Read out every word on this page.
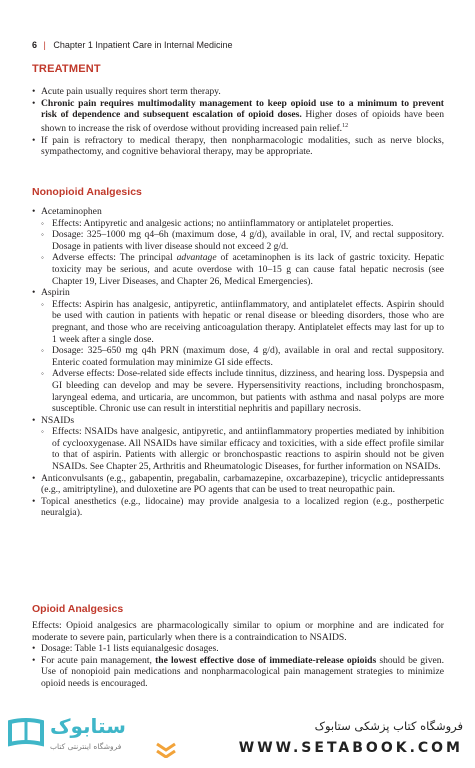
6 | Chapter 1 Inpatient Care in Internal Medicine
TREATMENT

• Acute pain usually requires short term therapy.

• Chronic pain requires multimodality management to keep opioid use to a minimum to prevent risk of dependence and subsequent escalation of opioid doses. Higher doses of opioids have been shown to increase the risk of overdose without providing increased pain relief.$^{12}$

• If pain is refractory to medical therapy, then nonpharmacologic modalities, such as nerve blocks, sympathectomy, and cognitive behavioral therapy, may be appropriate.

Nonopioid Analgesics

• Acetaminophen

◦ Effects: Antipyretic and analgesic actions; no antiinflammatory or antiplatelet properties.

◦ Dosage: 325–1000 mg q4–6h (maximum dose, 4 g/d), available in oral, IV, and rectal suppository. Dosage in patients with liver disease should not exceed 2 g/d.

◦ Adverse effects: The principal advantage of acetaminophen is its lack of gastric toxicity. Hepatic toxicity may be serious, and acute overdose with 10–15 g can cause fatal hepatic necrosis (see Chapter 19, Liver Diseases, and Chapter 26, Medical Emergencies).

• Aspirin

◦ Effects: Aspirin has analgesic, antipyretic, antiinflammatory, and antiplatelet effects. Aspirin should be used with caution in patients with hepatic or renal disease or bleeding disorders, those who are pregnant, and those who are receiving anticoagulation therapy. Antiplatelet effects may last for up to 1 week after a single dose.

◦ Dosage: 325–650 mg q4h PRN (maximum dose, 4 g/d), available in oral and rectal suppository. Enteric coated formulation may minimize GI side effects.

◦ Adverse effects: Dose-related side effects include tinnitus, dizziness, and hearing loss. Dyspepsia and GI bleeding can develop and may be severe. Hypersensitivity reactions, including bronchospasm, laryngeal edema, and urticaria, are uncommon, but patients with asthma and nasal polyps are more susceptible. Chronic use can result in interstitial nephritis and papillary necrosis.

• NSAIDs

◦ Effects: NSAIDs have analgesic, antipyretic, and antiinflammatory properties mediated by inhibition of cyclooxygenase. All NSAIDs have similar efficacy and toxicities, with a side effect profile similar to that of aspirin. Patients with allergic or bronchospastic reactions to aspirin should not be given NSAIDs. See Chapter 25, Arthritis and Rheumatologic Diseases, for further information on NSAIDs.

• Anticonvulsants (e.g., gabapentin, pregabalin, carbamazepine, oxcarbazepine), tricyclic antidepressants (e.g., amitriptyline), and duloxetine are PO agents that can be used to treat neuropathic pain.

• Topical anesthetics (e.g., lidocaine) may provide analgesia to a localized region (e.g., postherpetic neuralgia).

Opioid Analgesics

Effects: Opioid analgesics are pharmacologically similar to opium or morphine and are indicated for moderate to severe pain, particularly when there is a contraindication to NSAIDS.

• Dosage: Table 1-1 lists equianalgesic dosages.

• For acute pain management, the lowest effective dose of immediate-release opioids should be given. Use of nonopioid pain medications and nonpharmacological pain management strategies to minimize opioid needs is encouraged.

•

ستابوک
فروشگاه اینترنتی کتاب
فروشگاه کتاب پزشکی ستابوک
WWW.SETABOOK.COM
